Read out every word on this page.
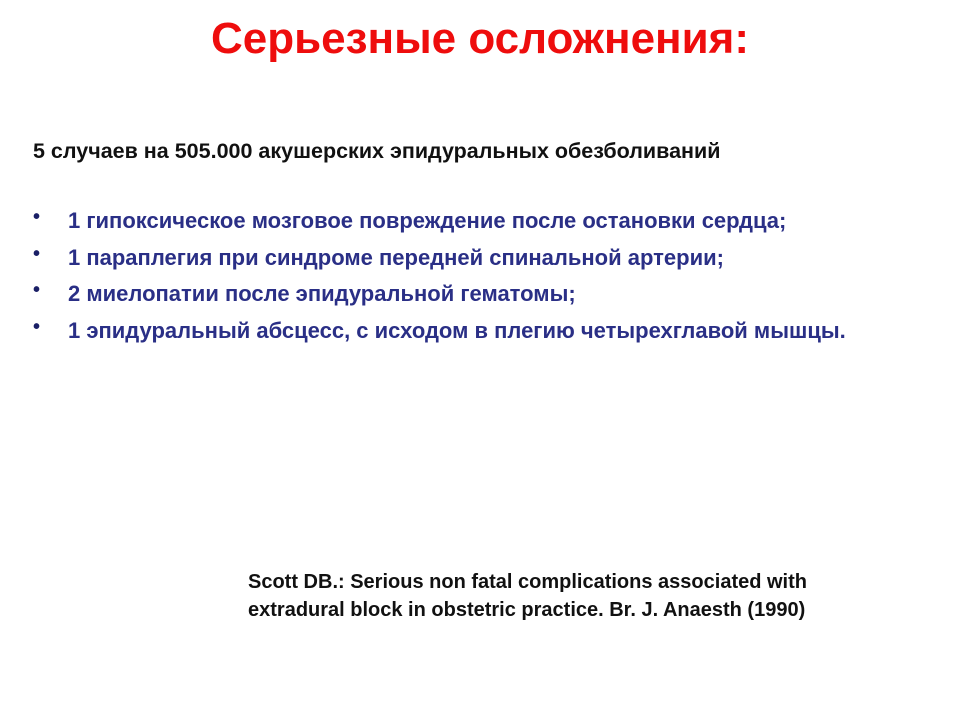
Серьезные осложнения:
5 случаев на 505.000 акушерских эпидуральных обезболиваний
• 1 гипоксическое мозговое повреждение после остановки сердца;
• 1 параплегия при синдроме передней спинальной артерии;
• 2 миелопатии после эпидуральной гематомы;
• 1 эпидуральный абсцесс, с исходом в плегию четырехглавой мышцы.
Scott DB.: Serious non fatal complications associated with extradural block in obstetric practice. Br. J. Anaesth (1990)
